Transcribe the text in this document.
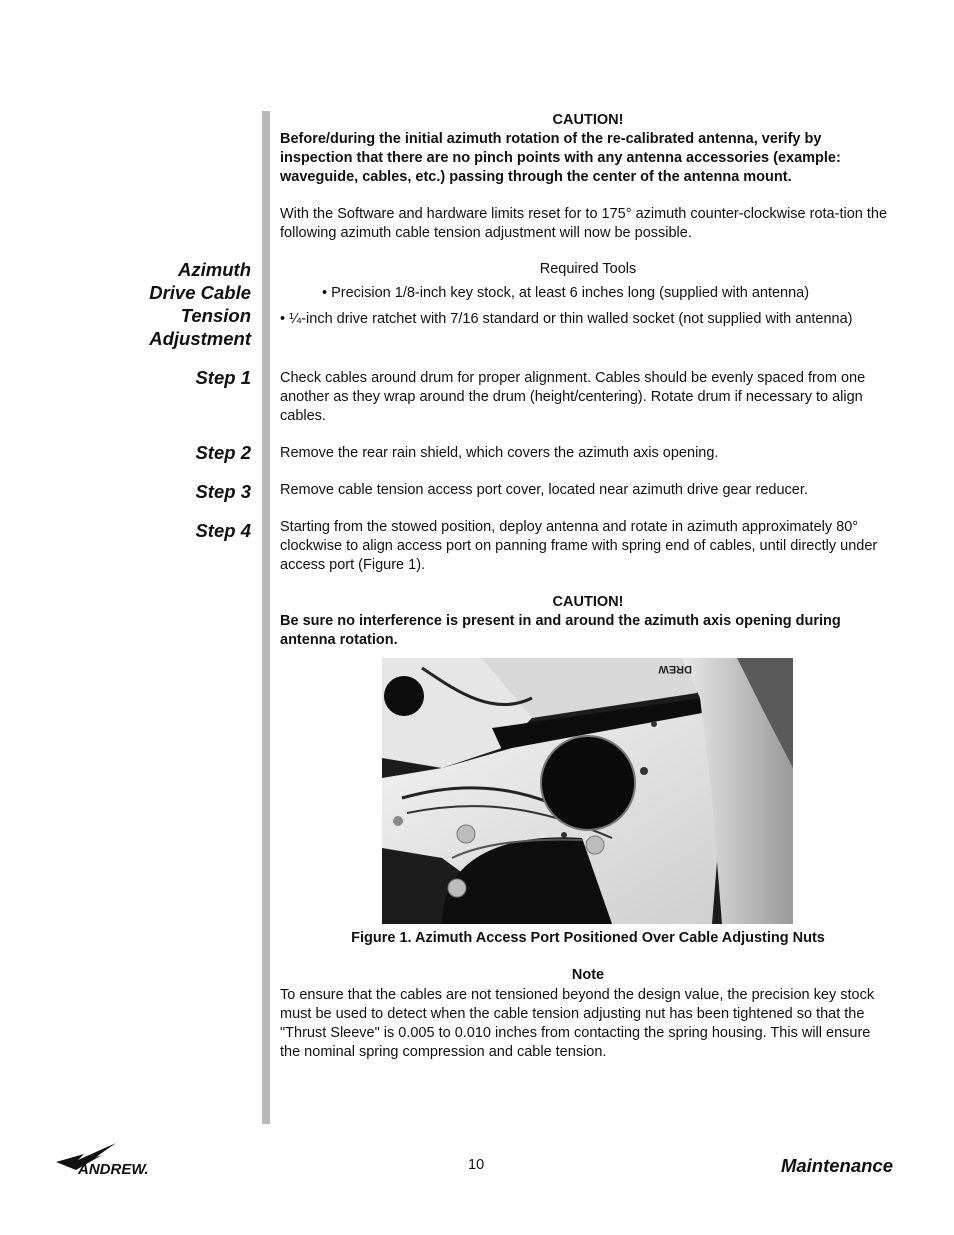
CAUTION!
Before/during the initial azimuth rotation of the re-calibrated antenna, verify by inspection that there are no pinch points with any antenna accessories (example: waveguide, cables, etc.) passing through the center of the antenna mount.
With the Software and hardware limits reset for to 175° azimuth counter-clockwise rota-tion the following azimuth cable tension adjustment will now be possible.
Azimuth
Drive Cable
Tension
Adjustment
Required Tools
• Precision 1/8-inch key stock, at least 6 inches long (supplied with antenna)
• ¼-inch drive ratchet with 7/16 standard or thin walled socket (not supplied with antenna)
Step 1 Check cables around drum for proper alignment. Cables should be evenly spaced from one another as they wrap around the drum (height/centering). Rotate drum if necessary to align cables.
Step 2 Remove the rear rain shield, which covers the azimuth axis opening.
Step 3 Remove cable tension access port cover, located near azimuth drive gear reducer.
Step 4 Starting from the stowed position, deploy antenna and rotate in azimuth approximately 80° clockwise to align access port on panning frame with spring end of cables, until directly under access port (Figure 1).
CAUTION!
Be sure no interference is present in and around the azimuth axis opening during antenna rotation.
DREW
Figure 1. Azimuth Access Port Positioned Over Cable Adjusting Nuts
Note
To ensure that the cables are not tensioned beyond the design value, the precision key stock must be used to detect when the cable tension adjusting nut has been tightened so that the "Thrust Sleeve" is 0.005 to 0.010 inches from contacting the spring housing. This will ensure the nominal spring compression and cable tension.
ANDREW.	10	Maintenance
